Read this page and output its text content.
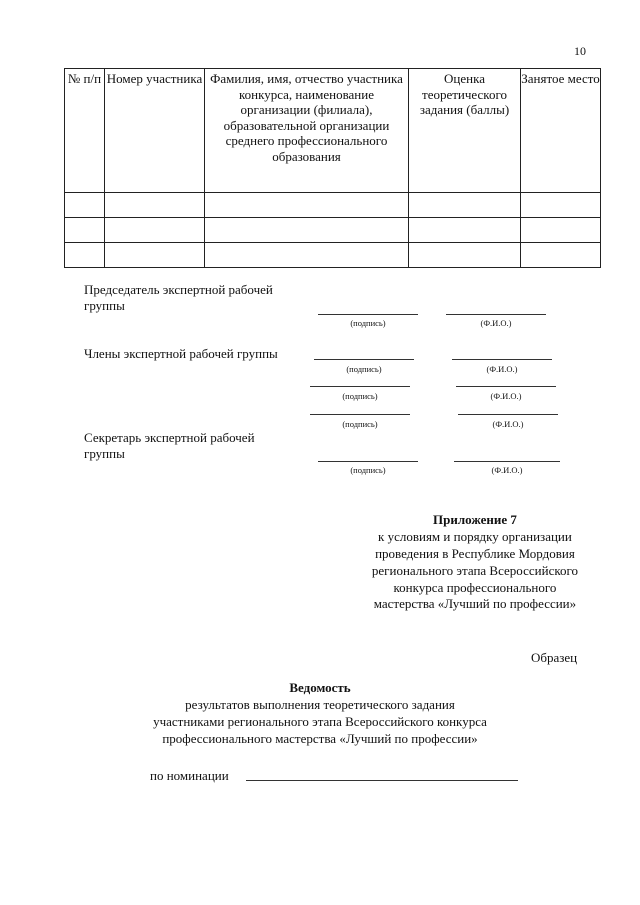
10
№ п/п	Номер участника	Фамилия, имя, отчество участника конкурса, наименование организации (филиала), образовательной организации среднего профессионального образования	Оценка теоретического задания (баллы)	Занятое место

Председатель экспертной рабочей группы
(подпись)	(Ф.И.О.)
Члены экспертной рабочей группы
(подпись)	(Ф.И.О.)
(подпись)	(Ф.И.О.)
(подпись)	(Ф.И.О.)
Секретарь экспертной рабочей группы
(подпись)	(Ф.И.О.)
Приложение 7
к условиям и порядку организации
проведения в Республике Мордовия
регионального этапа Всероссийского
конкурса профессионального
мастерства «Лучший по профессии»
Образец
Ведомость
результатов выполнения теоретического задания
участниками регионального этапа Всероссийского конкурса
профессионального мастерства «Лучший по профессии»
по номинации
